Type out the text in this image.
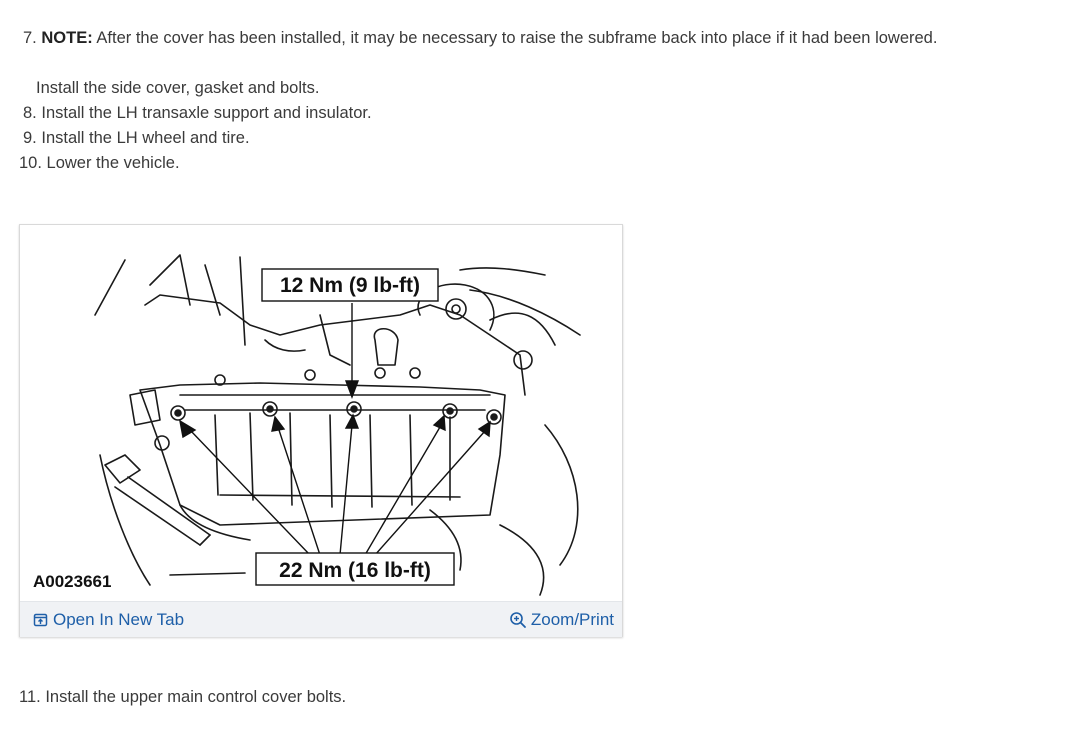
7. NOTE: After the cover has been installed, it may be necessary to raise the subframe back into place if it had been lowered.
Install the side cover, gasket and bolts.
8. Install the LH transaxle support and insulator.
9. Install the LH wheel and tire.
10. Lower the vehicle.
12 Nm (9 lb-ft)
22 Nm (16 lb-ft)
A0023661
Open In New Tab	Zoom/Print
11. Install the upper main control cover bolts.
